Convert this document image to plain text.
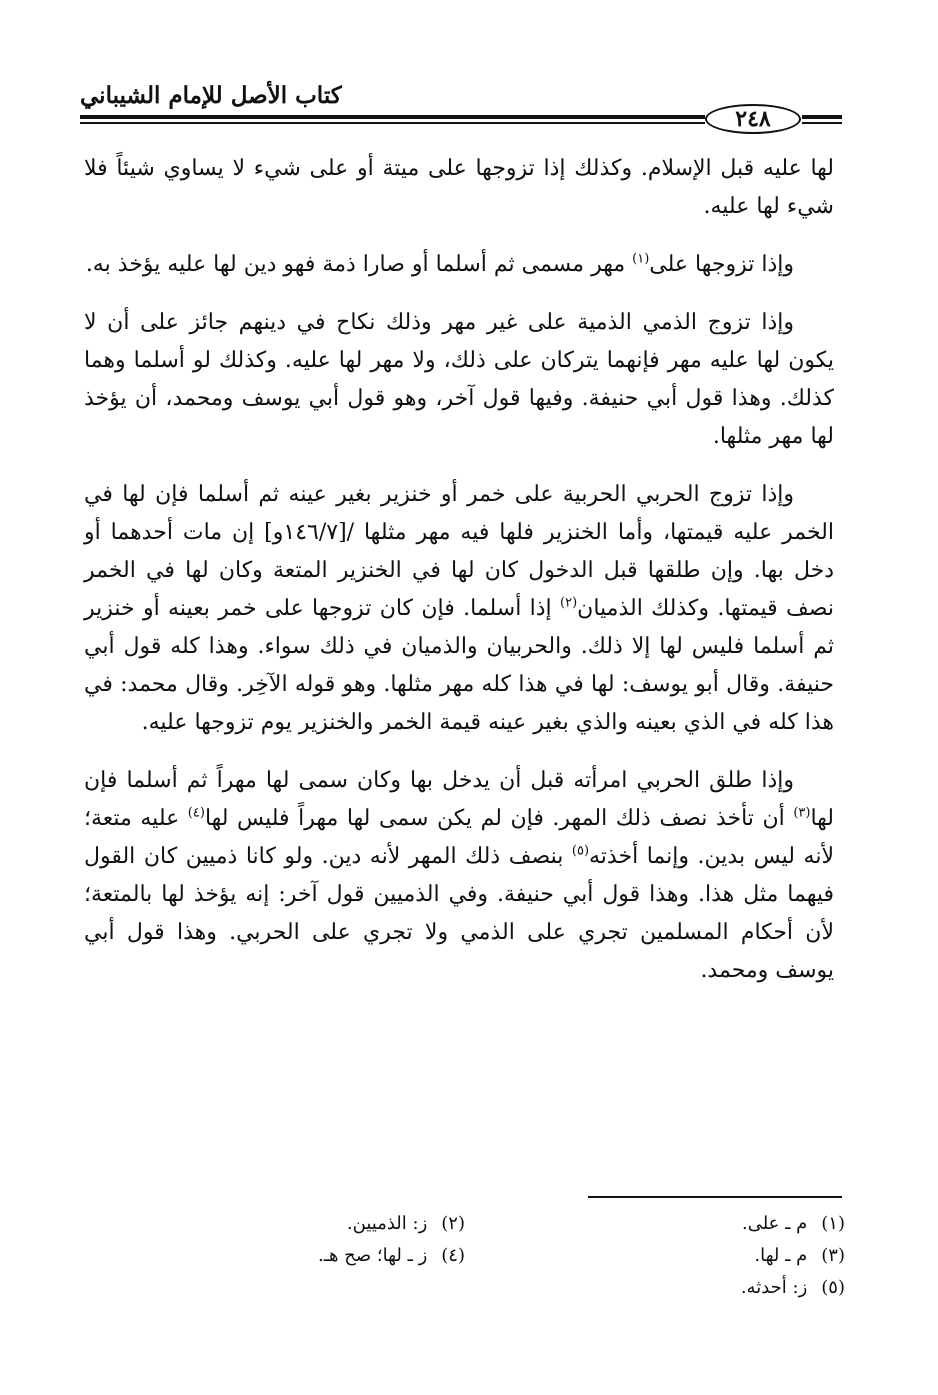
كتاب الأصل للإمام الشيباني
٢٤٨

لها عليه قبل الإسلام. وكذلك إذا تزوجها على ميتة أو على شيء لا يساوي شيئاً فلا شيء لها عليه.

وإذا تزوجها على$^{(١)}$ مهر مسمى ثم أسلما أو صارا ذمة فهو دين لها عليه يؤخذ به.

وإذا تزوج الذمي الذمية على غير مهر وذلك نكاح في دينهم جائز على أن لا يكون لها عليه مهر فإنهما يتركان على ذلك، ولا مهر لها عليه. وكذلك لو أسلما وهما كذلك. وهذا قول أبي حنيفة. وفيها قول آخر، وهو قول أبي يوسف ومحمد، أن يؤخذ لها مهر مثلها.

وإذا تزوج الحربي الحربية على خمر أو خنزير بغير عينه ثم أسلما فإن لها في الخمر عليه قيمتها، وأما الخنزير فلها فيه مهر مثلها /[١٤٦/٧و] إن مات أحدهما أو دخل بها. وإن طلقها قبل الدخول كان لها في الخنزير المتعة وكان لها في الخمر نصف قيمتها. وكذلك الذميان$^{(٢)}$ إذا أسلما. فإن كان تزوجها على خمر بعينه أو خنزير ثم أسلما فليس لها إلا ذلك. والحربيان والذميان في ذلك سواء. وهذا كله قول أبي حنيفة. وقال أبو يوسف: لها في هذا كله مهر مثلها. وهو قوله الآخِر. وقال محمد: في هذا كله في الذي بعينه والذي بغير عينه قيمة الخمر والخنزير يوم تزوجها عليه.

وإذا طلق الحربي امرأته قبل أن يدخل بها وكان سمى لها مهراً ثم أسلما فإن لها$^{(٣)}$ أن تأخذ نصف ذلك المهر. فإن لم يكن سمى لها مهراً فليس لها$^{(٤)}$ عليه متعة؛ لأنه ليس بدين. وإنما أخذته$^{(٥)}$ بنصف ذلك المهر لأنه دين. ولو كانا ذميين كان القول فيهما مثل هذا. وهذا قول أبي حنيفة. وفي الذميين قول آخر: إنه يؤخذ لها بالمتعة؛ لأن أحكام المسلمين تجري على الذمي ولا تجري على الحربي. وهذا قول أبي يوسف ومحمد.

(١)م ـ على.
(٣)م ـ لها.
(٥)ز: أحدثه.
(٢)ز: الذميين.
(٤)ز ـ لها؛ صح هـ.
